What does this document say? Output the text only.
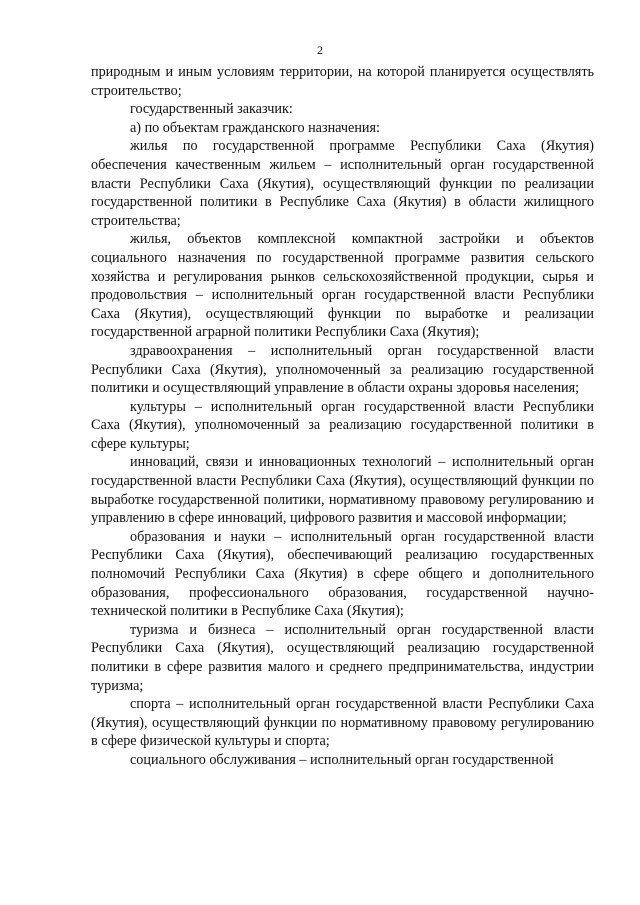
2

природным и иным условиям территории, на которой планируется осуществлять строительство;

государственный заказчик:

а) по объектам гражданского назначения:

жилья по государственной программе Республики Саха (Якутия) обеспечения качественным жильем – исполнительный орган государственной власти Республики Саха (Якутия), осуществляющий функции по реализации государственной политики в Республике Саха (Якутия) в области жилищного строительства;

жилья, объектов комплексной компактной застройки и объектов социального назначения по государственной программе развития сельского хозяйства и регулирования рынков сельскохозяйственной продукции, сырья и продовольствия – исполнительный орган государственной власти Республики Саха (Якутия), осуществляющий функции по выработке и реализации государственной аграрной политики Республики Саха (Якутия);

здравоохранения – исполнительный орган государственной власти Республики Саха (Якутия), уполномоченный за реализацию государственной политики и осуществляющий управление в области охраны здоровья населения;

культуры – исполнительный орган государственной власти Республики Саха (Якутия), уполномоченный за реализацию государственной политики в сфере культуры;

инноваций, связи и инновационных технологий – исполнительный орган государственной власти Республики Саха (Якутия), осуществляющий функции по выработке государственной политики, нормативному правовому регулированию и управлению в сфере инноваций, цифрового развития и массовой информации;

образования и науки – исполнительный орган государственной власти Республики Саха (Якутия), обеспечивающий реализацию государственных полномочий Республики Саха (Якутия) в сфере общего и дополнительного образования, профессионального образования, государственной научно-технической политики в Республике Саха (Якутия);

туризма и бизнеса – исполнительный орган государственной власти Республики Саха (Якутия), осуществляющий реализацию государственной политики в сфере развития малого и среднего предпринимательства, индустрии туризма;

спорта – исполнительный орган государственной власти Республики Саха (Якутия), осуществляющий функции по нормативному правовому регулированию в сфере физической культуры и спорта;

социального обслуживания – исполнительный орган государственной
